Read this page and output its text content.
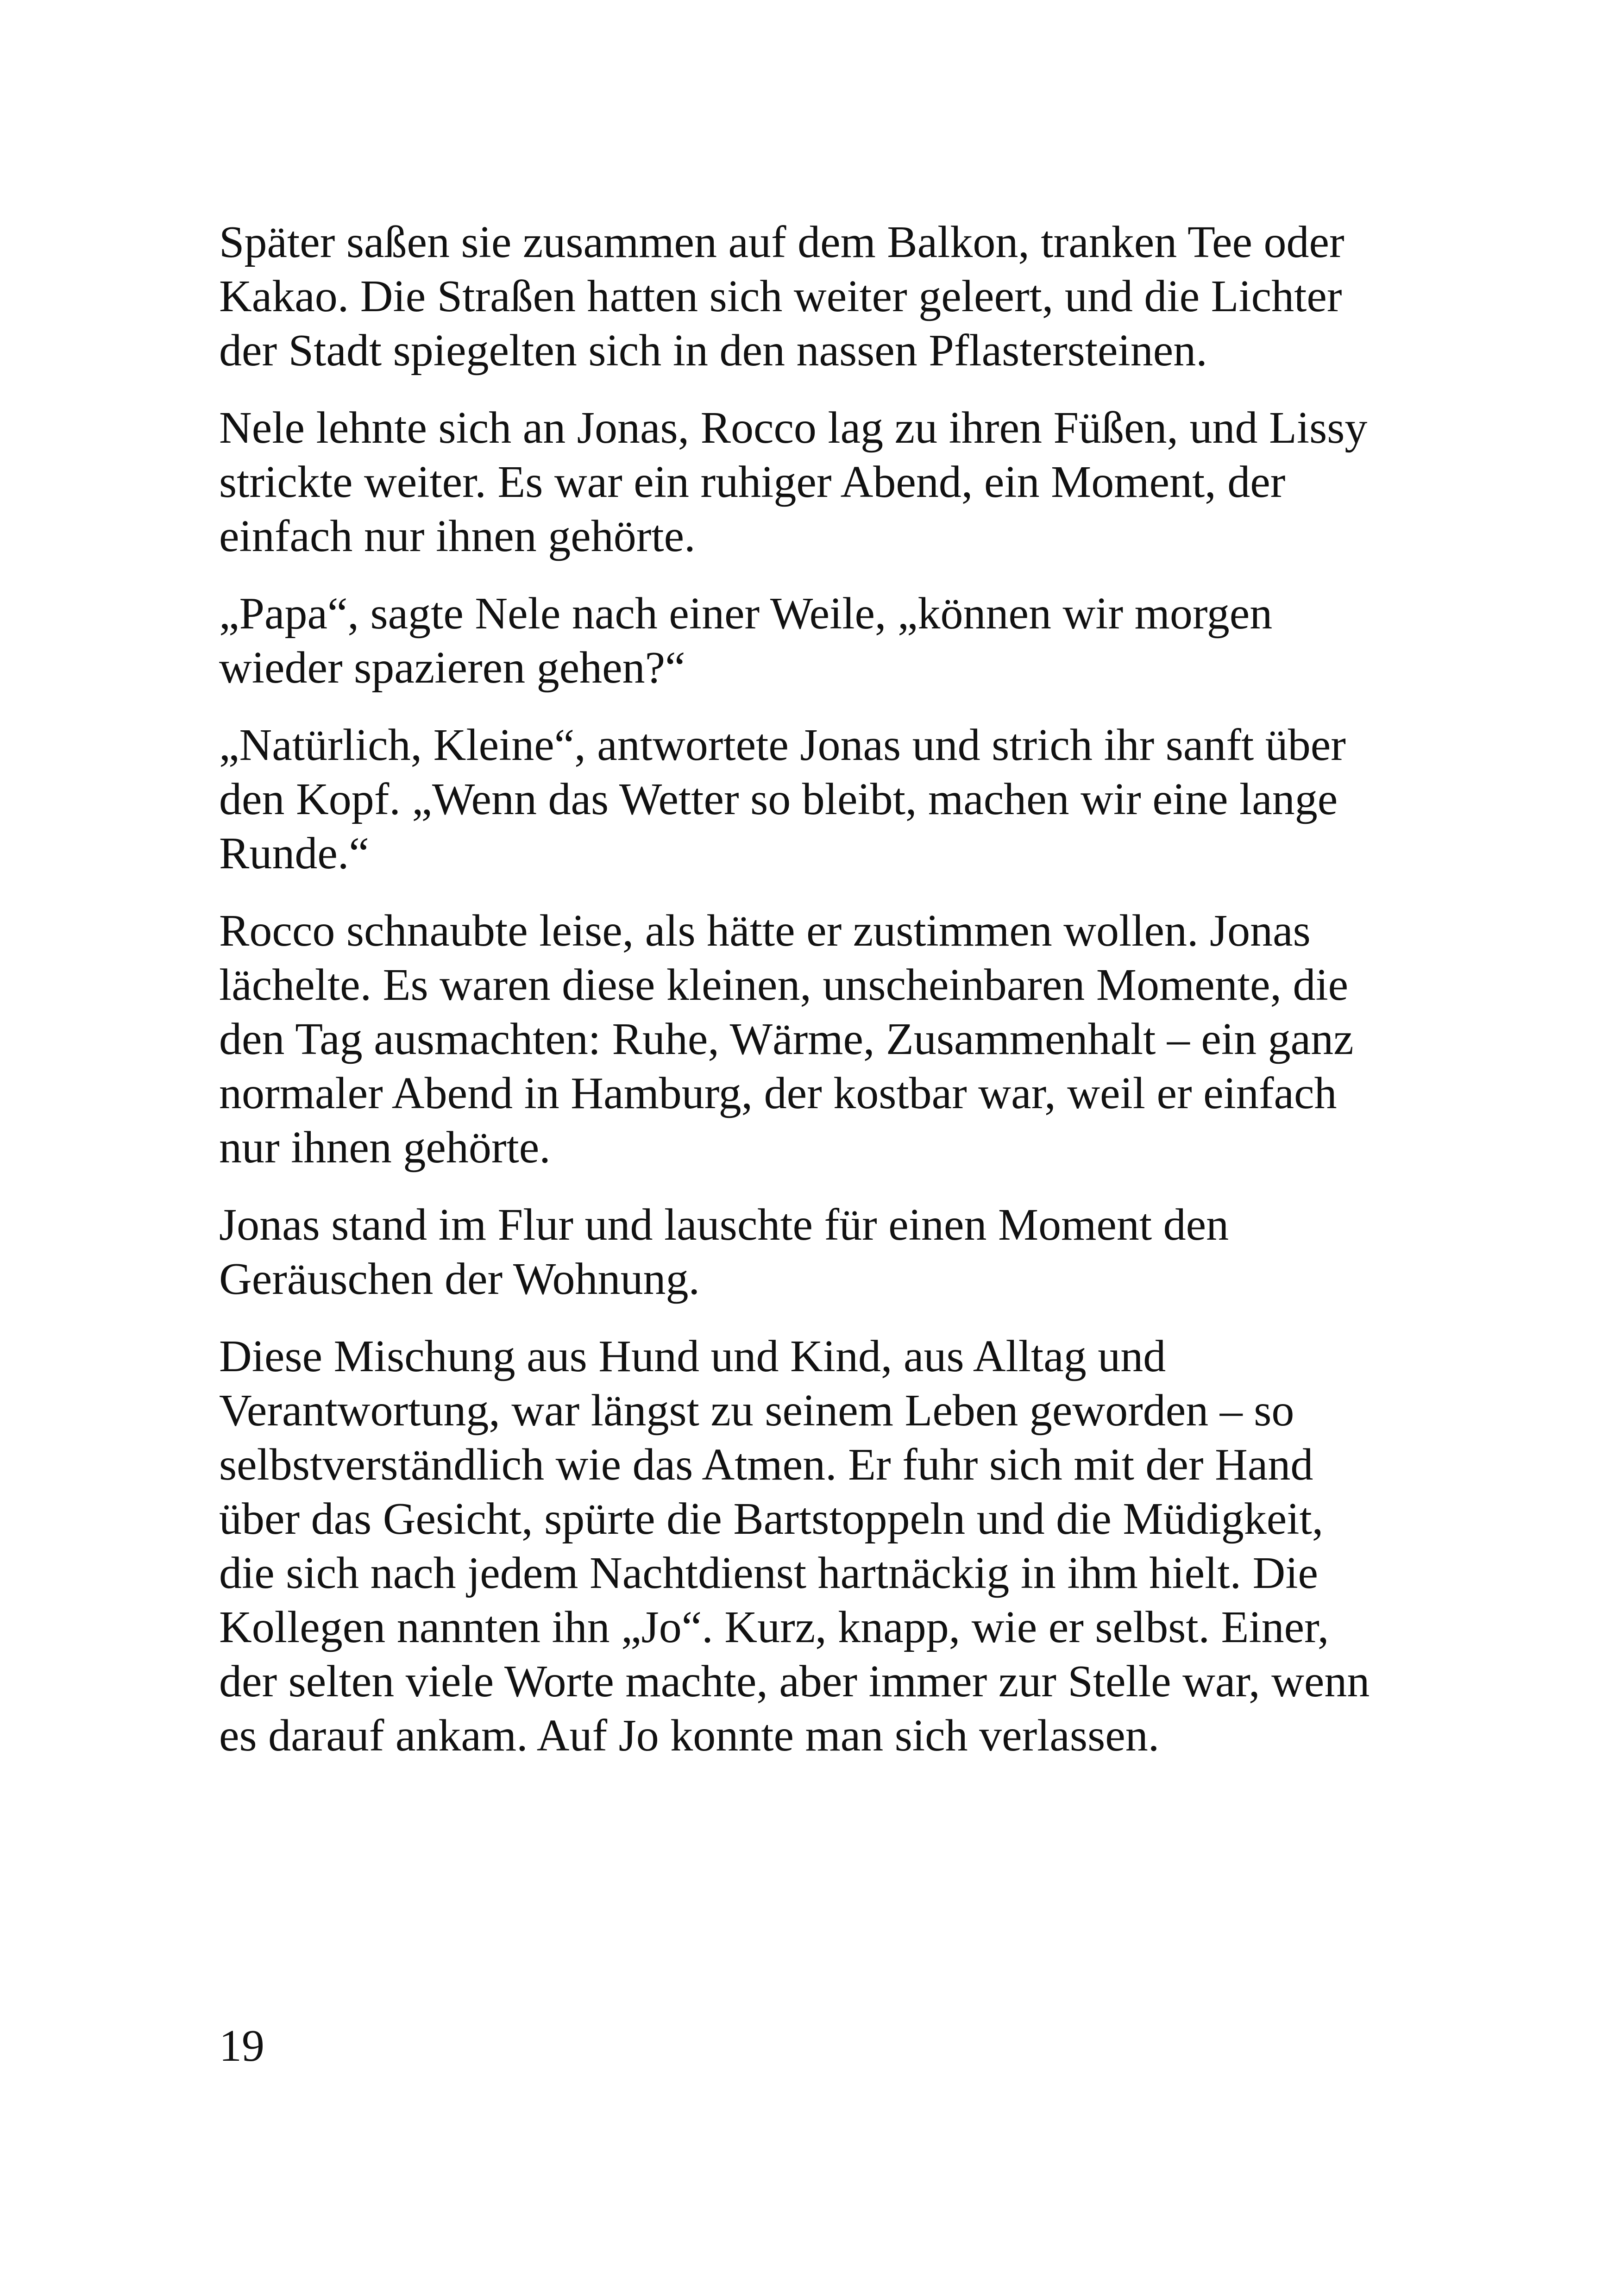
Später saßen sie zusammen auf dem Balkon, tranken Tee oder
Kakao. Die Straßen hatten sich weiter geleert, und die Lichter
der Stadt spiegelten sich in den nassen Pflastersteinen.

Nele lehnte sich an Jonas, Rocco lag zu ihren Füßen, und Lissy
strickte weiter. Es war ein ruhiger Abend, ein Moment, der
einfach nur ihnen gehörte.

„Papa“, sagte Nele nach einer Weile, „können wir morgen
wieder spazieren gehen?“

„Natürlich, Kleine“, antwortete Jonas und strich ihr sanft über
den Kopf. „Wenn das Wetter so bleibt, machen wir eine lange
Runde.“

Rocco schnaubte leise, als hätte er zustimmen wollen. Jonas
lächelte. Es waren diese kleinen, unscheinbaren Momente, die
den Tag ausmachten: Ruhe, Wärme, Zusammenhalt – ein ganz
normaler Abend in Hamburg, der kostbar war, weil er einfach
nur ihnen gehörte.

Jonas stand im Flur und lauschte für einen Moment den
Geräuschen der Wohnung.

Diese Mischung aus Hund und Kind, aus Alltag und
Verantwortung, war längst zu seinem Leben geworden – so
selbstverständlich wie das Atmen. Er fuhr sich mit der Hand
über das Gesicht, spürte die Bartstoppeln und die Müdigkeit,
die sich nach jedem Nachtdienst hartnäckig in ihm hielt. Die
Kollegen nannten ihn „Jo“. Kurz, knapp, wie er selbst. Einer,
der selten viele Worte machte, aber immer zur Stelle war, wenn
es darauf ankam. Auf Jo konnte man sich verlassen.

19
